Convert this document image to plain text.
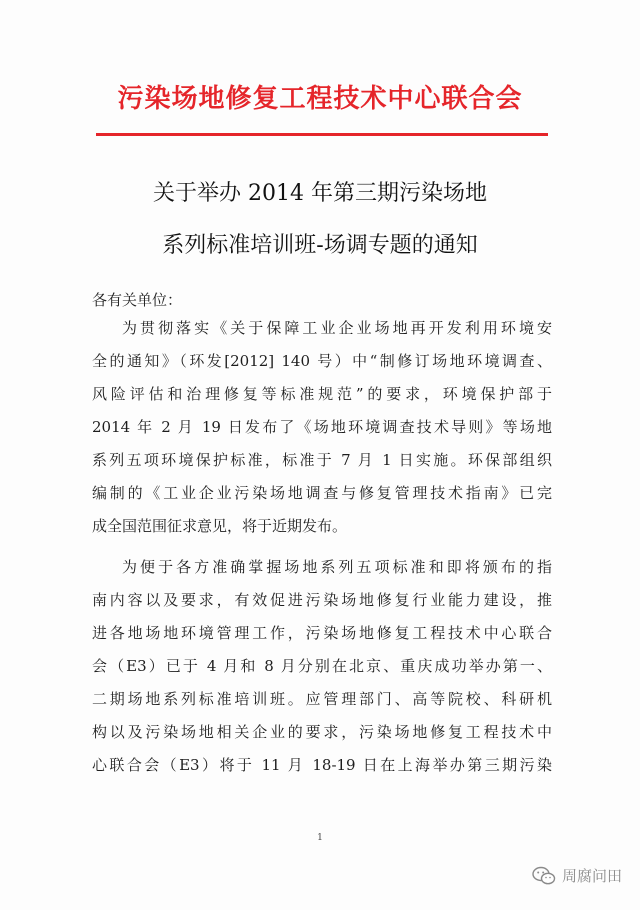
污染场地修复工程技术中心联合会
关于举办 2014 年第三期污染场地
系列标准培训班-场调专题的通知
各有关单位：
为贯彻落实《关于保障工业企业场地再开发利用环境安
全的通知》（环发[2012] 140 号）中“制修订场地环境调查、
风险评估和治理修复等标准规范”的要求，环境保护部于
2014 年 2 月 19 日发布了《场地环境调查技术导则》等场地
系列五项环境保护标准，标准于 7 月 1 日实施。环保部组织
编制的《工业企业污染场地调查与修复管理技术指南》已完
成全国范围征求意见，将于近期发布。
为便于各方准确掌握场地系列五项标准和即将颁布的指
南内容以及要求，有效促进污染场地修复行业能力建设，推
进各地场地环境管理工作，污染场地修复工程技术中心联合
会（E3）已于 4 月和 8 月分别在北京、重庆成功举办第一、
二期场地系列标准培训班。应管理部门、高等院校、科研机
构以及污染场地相关企业的要求，污染场地修复工程技术中
心联合会（E3）将于 11 月 18-19 日在上海举办第三期污染
1
周腐问田
